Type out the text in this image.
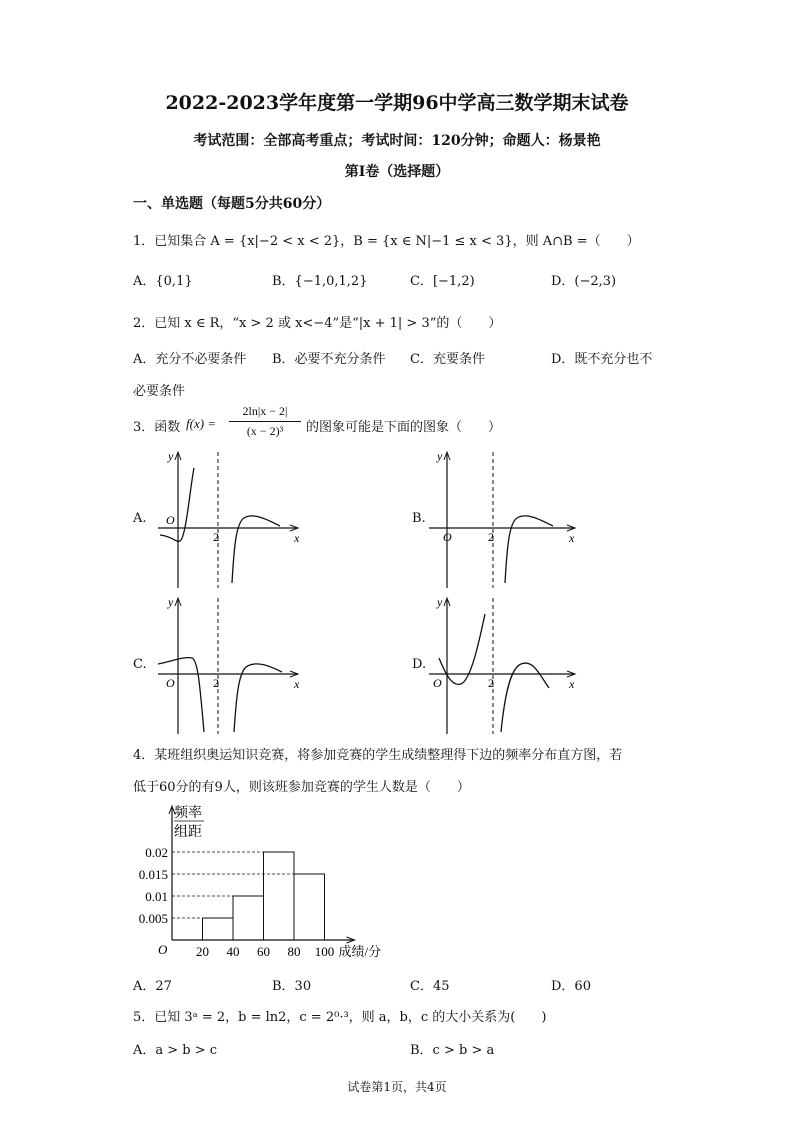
2022-2023学年度第一学期96中学高三数学期末试卷
考试范围：全部高考重点；考试时间：120分钟；命题人：杨景艳
第I卷（选择题）
一、单选题（每题5分共60分）
1．已知集合 A = {x|−2 < x < 2}，B = {x ∈ N|−1 ≤ x < 3}，则 A∩B =（　　）
A．{0,1}	B．{−1,0,1,2}	C．[−1,2)	D．(−2,3)
2．已知 x ∈ R，“x > 2 或 x<−4”是“|x + 1| > 3”的（　　）
A．充分不必要条件 B．必要不充分条件 C．充要条件	D．既不充分也不
必要条件
3．函数 f(x) =
2ln|x − 2|
(x − 2)³	的图象可能是下面的图象（　　）
A.
y
x
O
2
B.
y
x
O	2
C.
y
x
O	2
D.
y
x
O	2
4．某班组织奥运知识竞赛，将参加竞赛的学生成绩整理得下边的频率分布直方图，若
低于60分的有9人，则该班参加竞赛的学生人数是（　　）
频率
组距
0.005
0.01
0.015
0.02
20 40 60 80 100 成绩/分
O
A．27	B．30	C．45	D．60
5．已知 3ᵃ = 2，b = ln2，c = 2⁰·³，则 a，b，c 的大小关系为(　　)
A．a > b > c	B．c > b > a
试卷第1页，共4页
